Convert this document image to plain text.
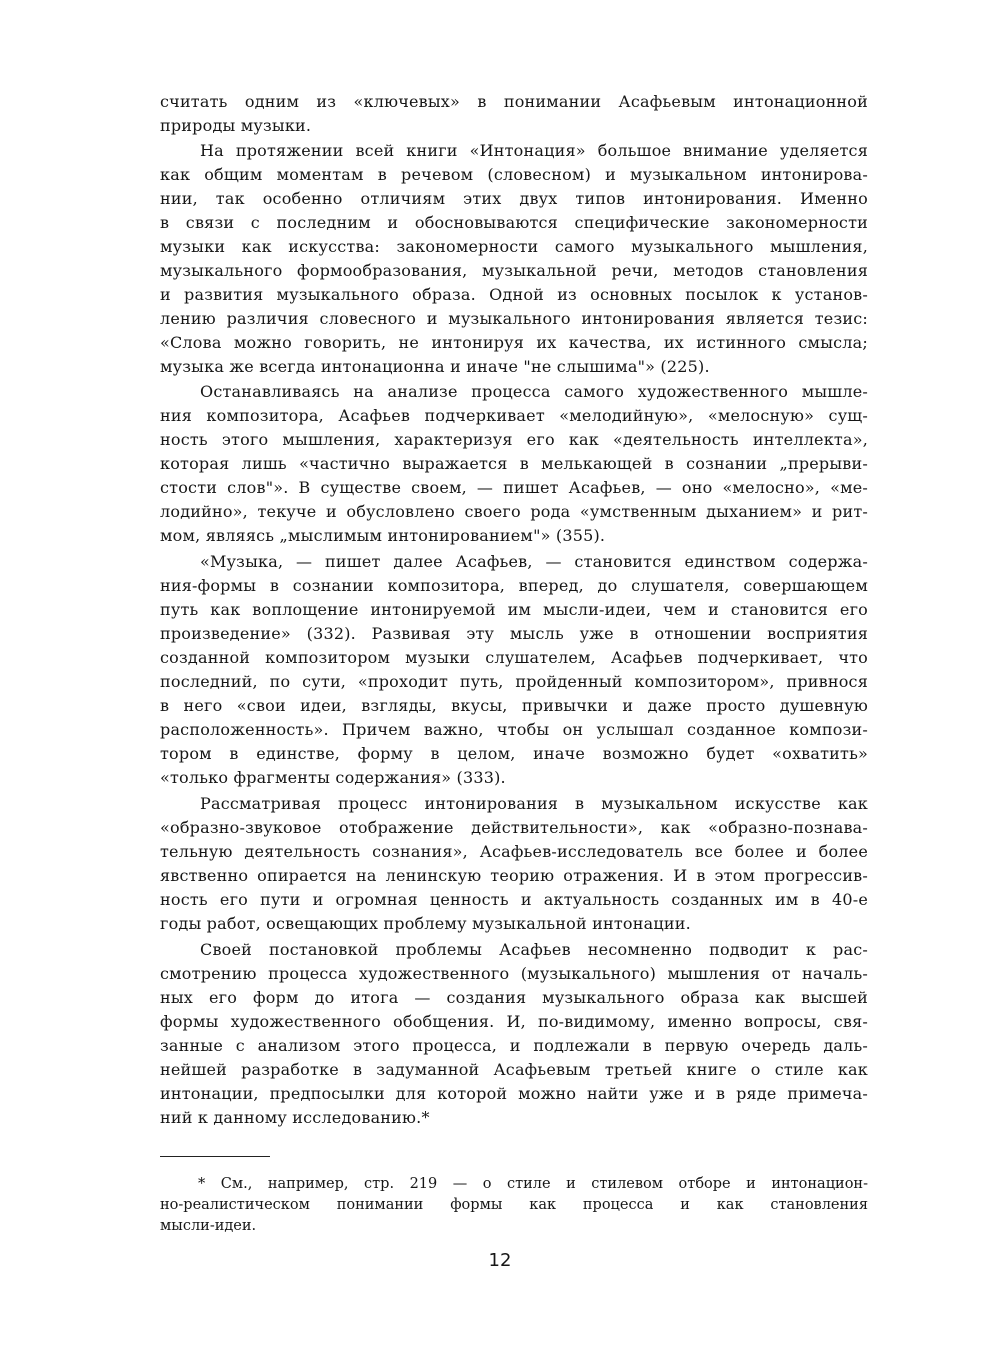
считать одним из «ключевых» в понимании Асафьевым интонационной
природы музыки.
На протяжении всей книги «Интонация» большое внимание уделяется
как общим моментам в речевом (словесном) и музыкальном интонирова-
нии, так особенно отличиям этих двух типов интонирования. Именно
в связи с последним и обосновываются специфические закономерности
музыки как искусства: закономерности самого музыкального мышления,
музыкального формообразования, музыкальной речи, методов становления
и развития музыкального образа. Одной из основных посылок к установ-
лению различия словесного и музыкального интонирования является тезис:
«Слова можно говорить, не интонируя их качества, их истинного смысла;
музыка же всегда интонационна и иначе "не слышима"» (225).
Останавливаясь на анализе процесса самого художественного мышле-
ния композитора, Асафьев подчеркивает «мелодийную», «мелосную» сущ-
ность этого мышления, характеризуя его как «деятельность интеллекта»,
которая лишь «частично выражается в мелькающей в сознании „прерыви-
стости слов"». В существе своем, — пишет Асафьев, — оно «мелосно», «ме-
лодийно», текуче и обусловлено своего рода «умственным дыханием» и рит-
мом, являясь „мыслимым интонированием"» (355).
«Музыка, — пишет далее Асафьев, — становится единством содержа-
ния-формы в сознании композитора, вперед, до слушателя, совершающем
путь как воплощение интонируемой им мысли-идеи, чем и становится его
произведение» (332). Развивая эту мысль уже в отношении восприятия
созданной композитором музыки слушателем, Асафьев подчеркивает, что
последний, по сути, «проходит путь, пройденный композитором», привнося
в него «свои идеи, взгляды, вкусы, привычки и даже просто душевную
расположенность». Причем важно, чтобы он услышал созданное компози-
тором в единстве, форму в целом, иначе возможно будет «охватить»
«только фрагменты содержания» (333).
Рассматривая процесс интонирования в музыкальном искусстве как
«образно-звуковое отображение действительности», как «образно-познава-
тельную деятельность сознания», Асафьев-исследователь все более и более
явственно опирается на ленинскую теорию отражения. И в этом прогрессив-
ность его пути и огромная ценность и актуальность созданных им в 40-е
годы работ, освещающих проблему музыкальной интонации.
Своей постановкой проблемы Асафьев несомненно подводит к рас-
смотрению процесса художественного (музыкального) мышления от началь-
ных его форм до итога — создания музыкального образа как высшей
формы художественного обобщения. И, по-видимому, именно вопросы, свя-
занные с анализом этого процесса, и подлежали в первую очередь даль-
нейшей разработке в задуманной Асафьевым третьей книге о стиле как
интонации, предпосылки для которой можно найти уже и в ряде примеча-
ний к данному исследованию.*
* См., например, стр. 219 — о стиле и стилевом отборе и интонацион-
но-реалистическом понимании формы как процесса и как становления
мысли-идеи.
12
